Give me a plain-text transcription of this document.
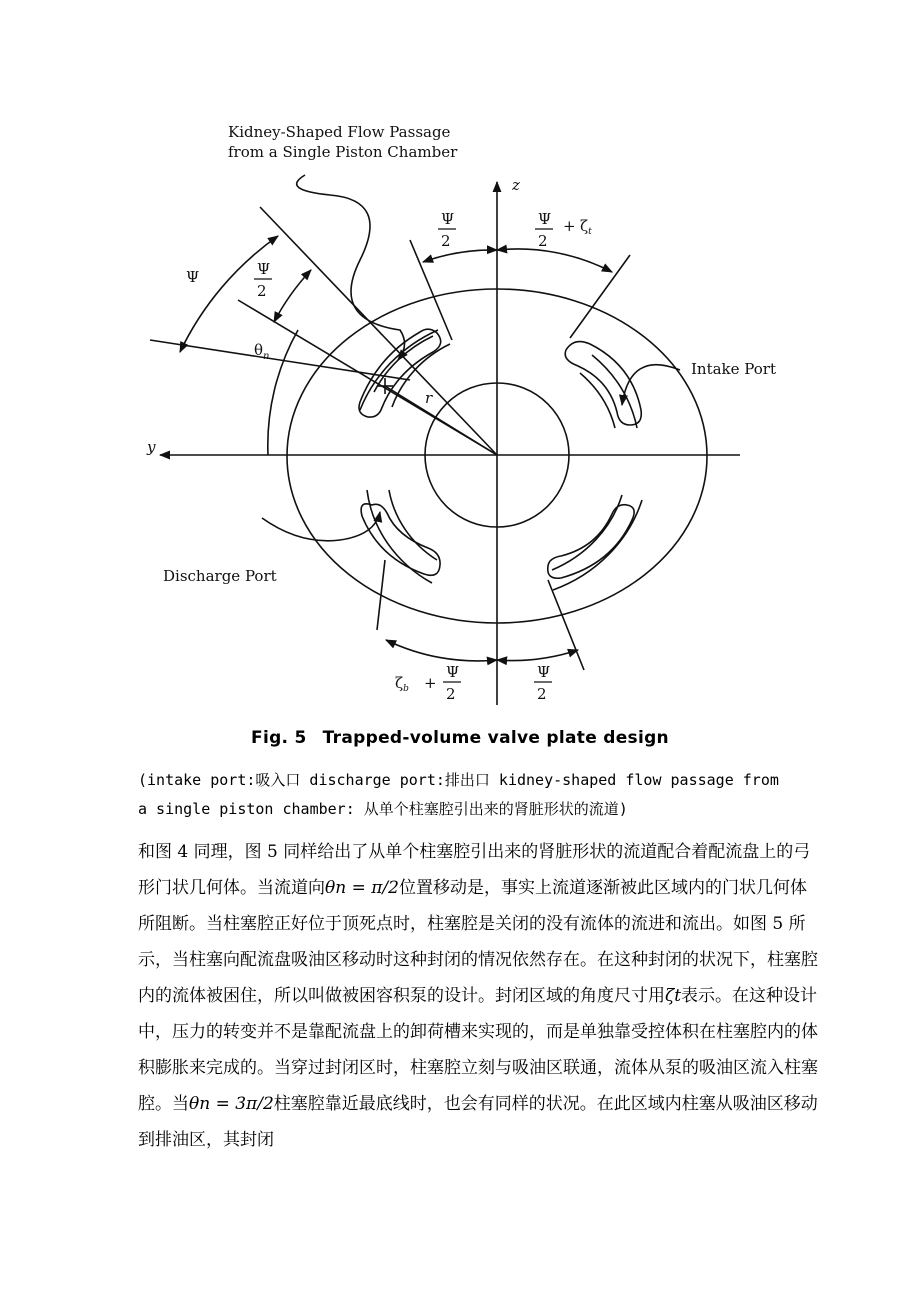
Kidney-Shaped Flow Passage
from a Single Piston Chamber
Intake Port
Discharge Port
z
y
Ψ
$\theta_n$
r
Ψ
2
Ψ
2
Ψ
2
+ $\zeta_t$
$\zeta_b$ +
Ψ
2
Ψ
2
Fig. 5 Trapped-volume valve plate design
(intake port:吸入口 discharge port:排出口 kidney-shaped flow passage from
a single piston chamber: 从单个柱塞腔引出来的肾脏形状的流道)
和图 4 同理，图 5 同样给出了从单个柱塞腔引出来的肾脏形状的流道配合着配流盘上的弓形门状几何体。当流道向θn = π/2位置移动是，事实上流道逐渐被此区域内的门状几何体所阻断。当柱塞腔正好位于顶死点时，柱塞腔是关闭的没有流体的流进和流出。如图 5 所示，当柱塞向配流盘吸油区移动时这种封闭的情况依然存在。在这种封闭的状况下，柱塞腔内的流体被困住，所以叫做被困容积泵的设计。封闭区域的角度尺寸用ζt表示。在这种设计中，压力的转变并不是靠配流盘上的卸荷槽来实现的，而是单独靠受控体积在柱塞腔内的体积膨胀来完成的。当穿过封闭区时，柱塞腔立刻与吸油区联通，流体从泵的吸油区流入柱塞腔。当θn = 3π/2柱塞腔靠近最底线时，也会有同样的状况。在此区域内柱塞从吸油区移动到排油区，其封闭
